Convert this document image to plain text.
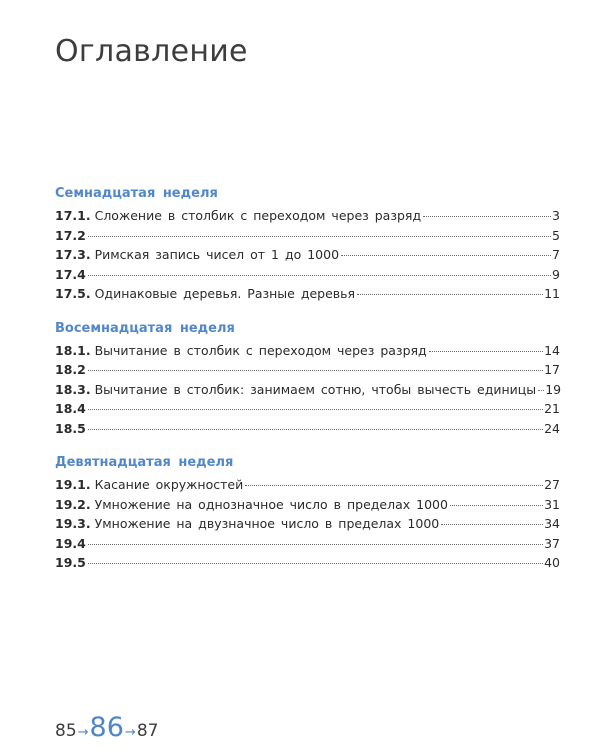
Оглавление
Семнадцатая неделя
17.1. Сложение в столбик с переходом через разряд	3
17.2	5
17.3. Римская запись чисел от 1 до 1000	7
17.4	9
17.5. Одинаковые деревья. Разные деревья	11
Восемнадцатая неделя
18.1. Вычитание в столбик с переходом через разряд	14
18.2	17
18.3. Вычитание в столбик: занимаем сотню, чтобы вычесть единицы 19
18.4	21
18.5	24
Девятнадцатая неделя
19.1. Касание окружностей	27
19.2. Умножение на однозначное число в пределах 1000	31
19.3. Умножение на двузначное число в пределах 1000	34
19.4	37
19.5	40
85 → 86 → 87
